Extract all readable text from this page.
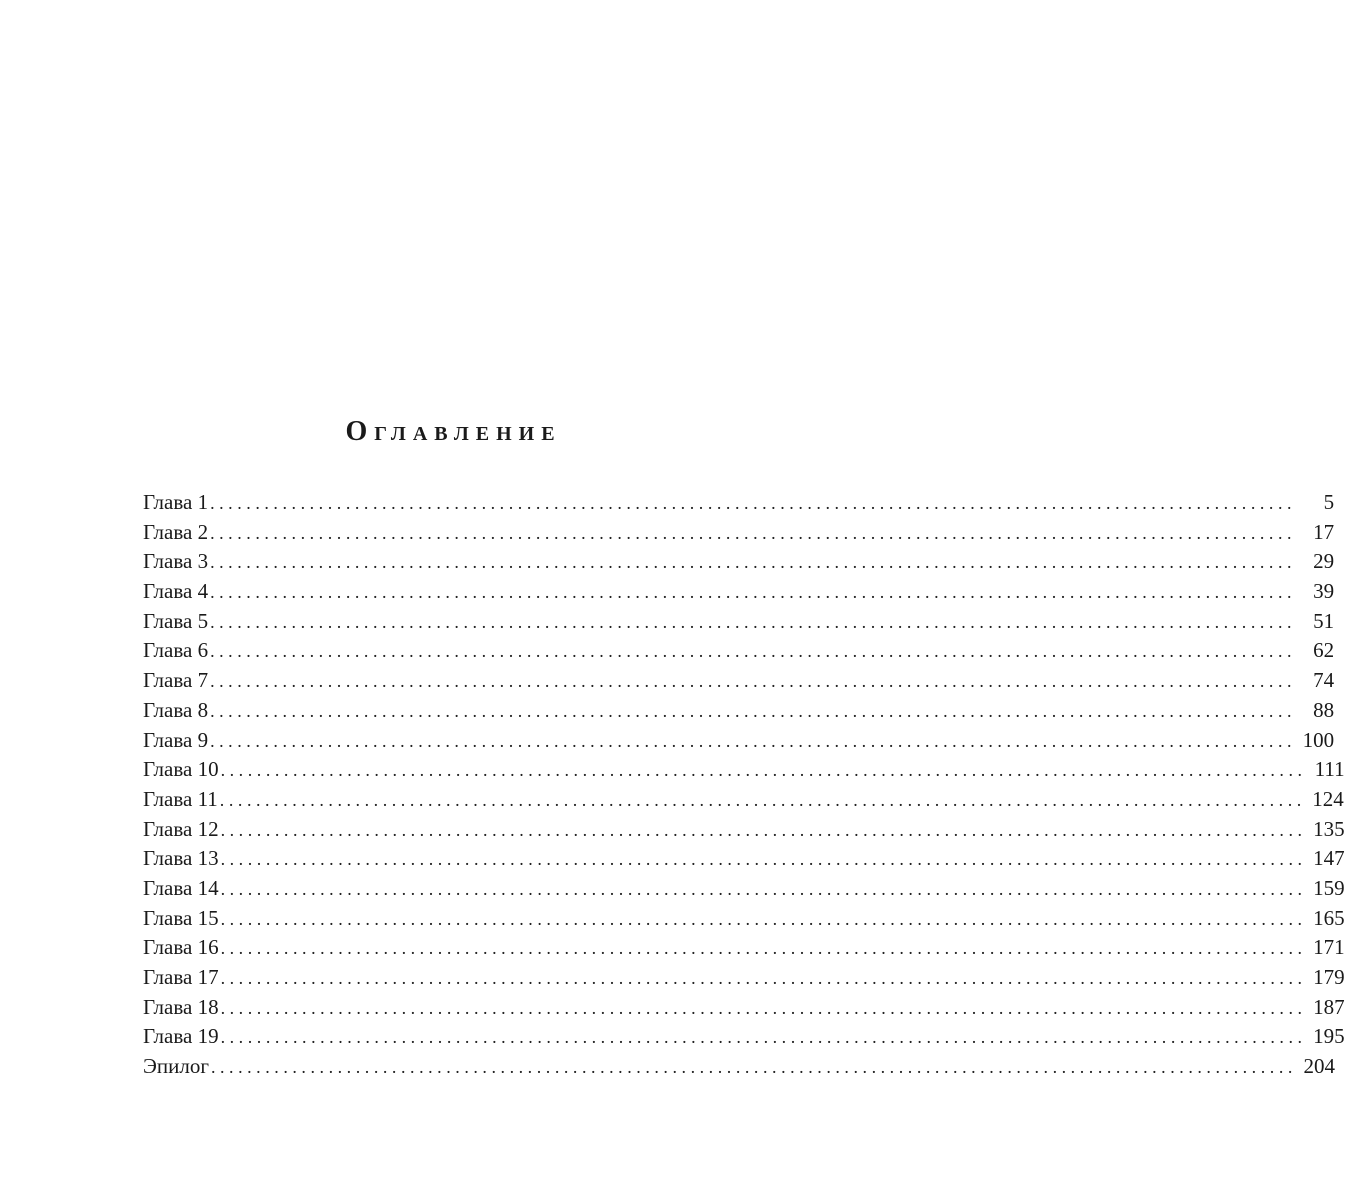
Оглавление
Глава 1 ........................................................................................................................	5
Глава 2 ........................................................................................................................ 17
Глава 3 ........................................................................................................................ 29
Глава 4 ........................................................................................................................ 39
Глава 5 ........................................................................................................................ 51
Глава 6 ........................................................................................................................ 62
Глава 7 ........................................................................................................................ 74
Глава 8 ........................................................................................................................ 88
Глава 9 ........................................................................................................................ 100
Глава 10 ........................................................................................................................ 111
Глава 11 ........................................................................................................................ 124
Глава 12 ........................................................................................................................ 135
Глава 13 ........................................................................................................................ 147
Глава 14 ........................................................................................................................ 159
Глава 15 ........................................................................................................................ 165
Глава 16 ........................................................................................................................ 171
Глава 17 ........................................................................................................................ 179
Глава 18 ........................................................................................................................ 187
Глава 19 ........................................................................................................................ 195
Эпилог ........................................................................................................................ 204
